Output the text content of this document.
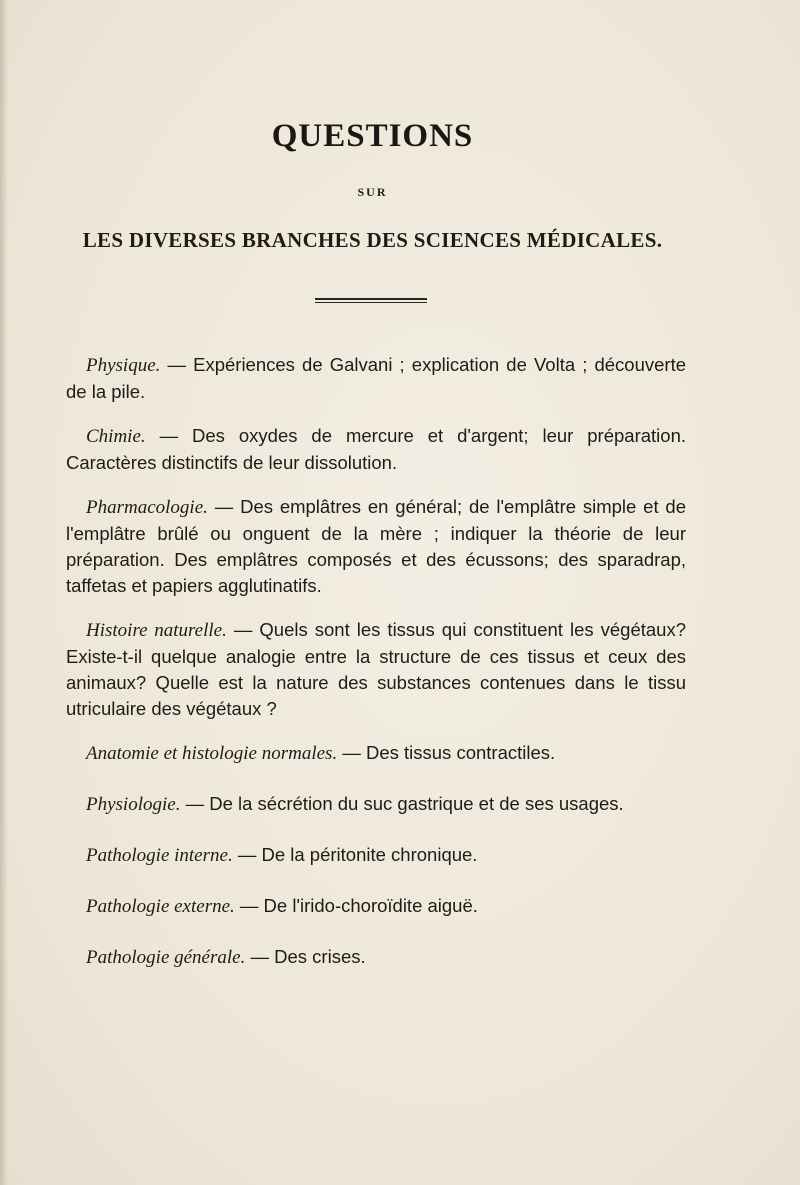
QUESTIONS
SUR
LES DIVERSES BRANCHES DES SCIENCES MÉDICALES.

Physique. — Expériences de Galvani ; explication de Volta ; découverte de la pile.

Chimie. — Des oxydes de mercure et d'argent; leur préparation. Caractères distinctifs de leur dissolution.

Pharmacologie. — Des emplâtres en général; de l'emplâtre simple et de l'emplâtre brûlé ou onguent de la mère ; indiquer la théorie de leur préparation. Des emplâtres composés et des écussons; des sparadrap, taffetas et papiers agglutinatifs.

Histoire naturelle. — Quels sont les tissus qui constituent les végétaux? Existe-t-il quelque analogie entre la structure de ces tissus et ceux des animaux? Quelle est la nature des substances contenues dans le tissu utriculaire des végétaux ?

Anatomie et histologie normales. — Des tissus contractiles.

Physiologie. — De la sécrétion du suc gastrique et de ses usages.

Pathologie interne. — De la péritonite chronique.

Pathologie externe. — De l'irido-choroïdite aiguë.

Pathologie générale. — Des crises.
